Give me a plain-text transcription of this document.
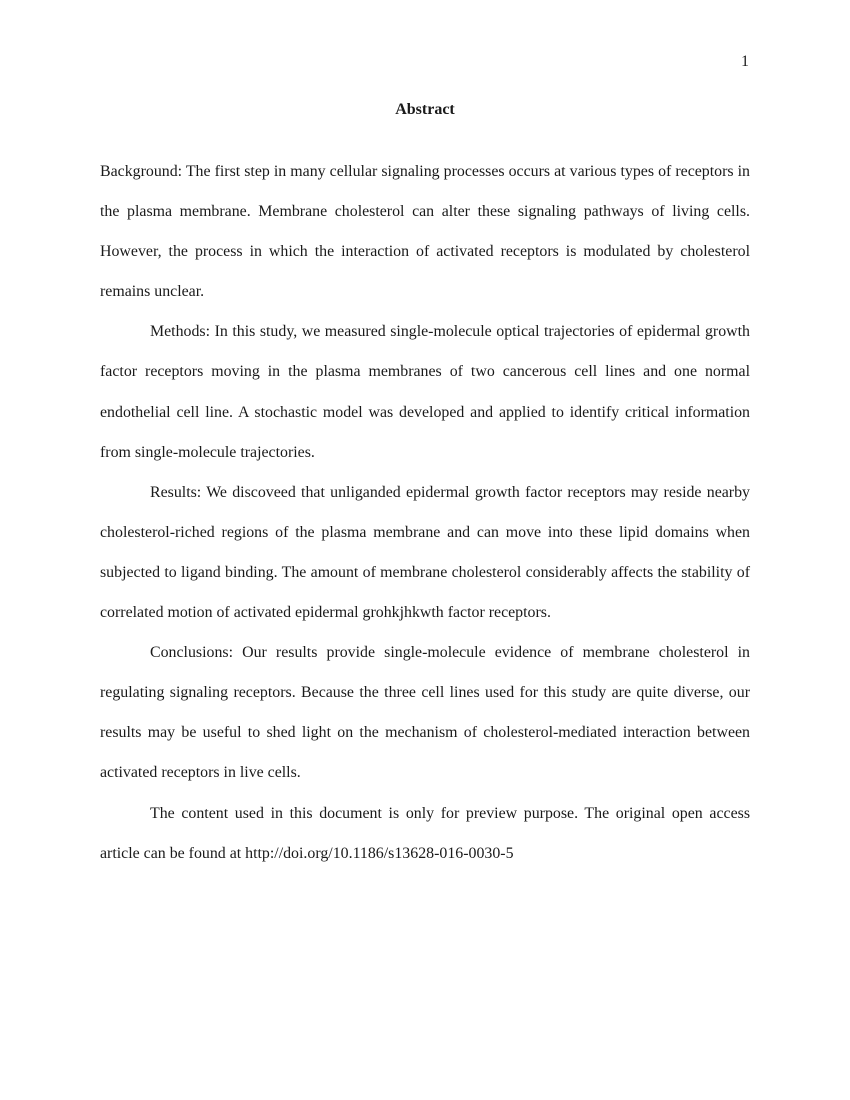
1
Abstract

Background: The first step in many cellular signaling processes occurs at various types of receptors in the plasma membrane. Membrane cholesterol can alter these signaling pathways of living cells. However, the process in which the interaction of activated receptors is modulated by cholesterol remains unclear.

Methods: In this study, we measured single-molecule optical trajectories of epidermal growth factor receptors moving in the plasma membranes of two cancerous cell lines and one normal endothelial cell line. A stochastic model was developed and applied to identify critical information from single-molecule trajectories.

Results: We discoveed that unliganded epidermal growth factor receptors may reside nearby cholesterol-riched regions of the plasma membrane and can move into these lipid domains when subjected to ligand binding. The amount of membrane cholesterol considerably affects the stability of correlated motion of activated epidermal grohkjhkwth factor receptors.

Conclusions: Our results provide single-molecule evidence of membrane cholesterol in regulating signaling receptors. Because the three cell lines used for this study are quite diverse, our results may be useful to shed light on the mechanism of cholesterol-mediated interaction between activated receptors in live cells.

The content used in this document is only for preview purpose. The original open access article can be found at http://doi.org/10.1186/s13628-016-0030-5
